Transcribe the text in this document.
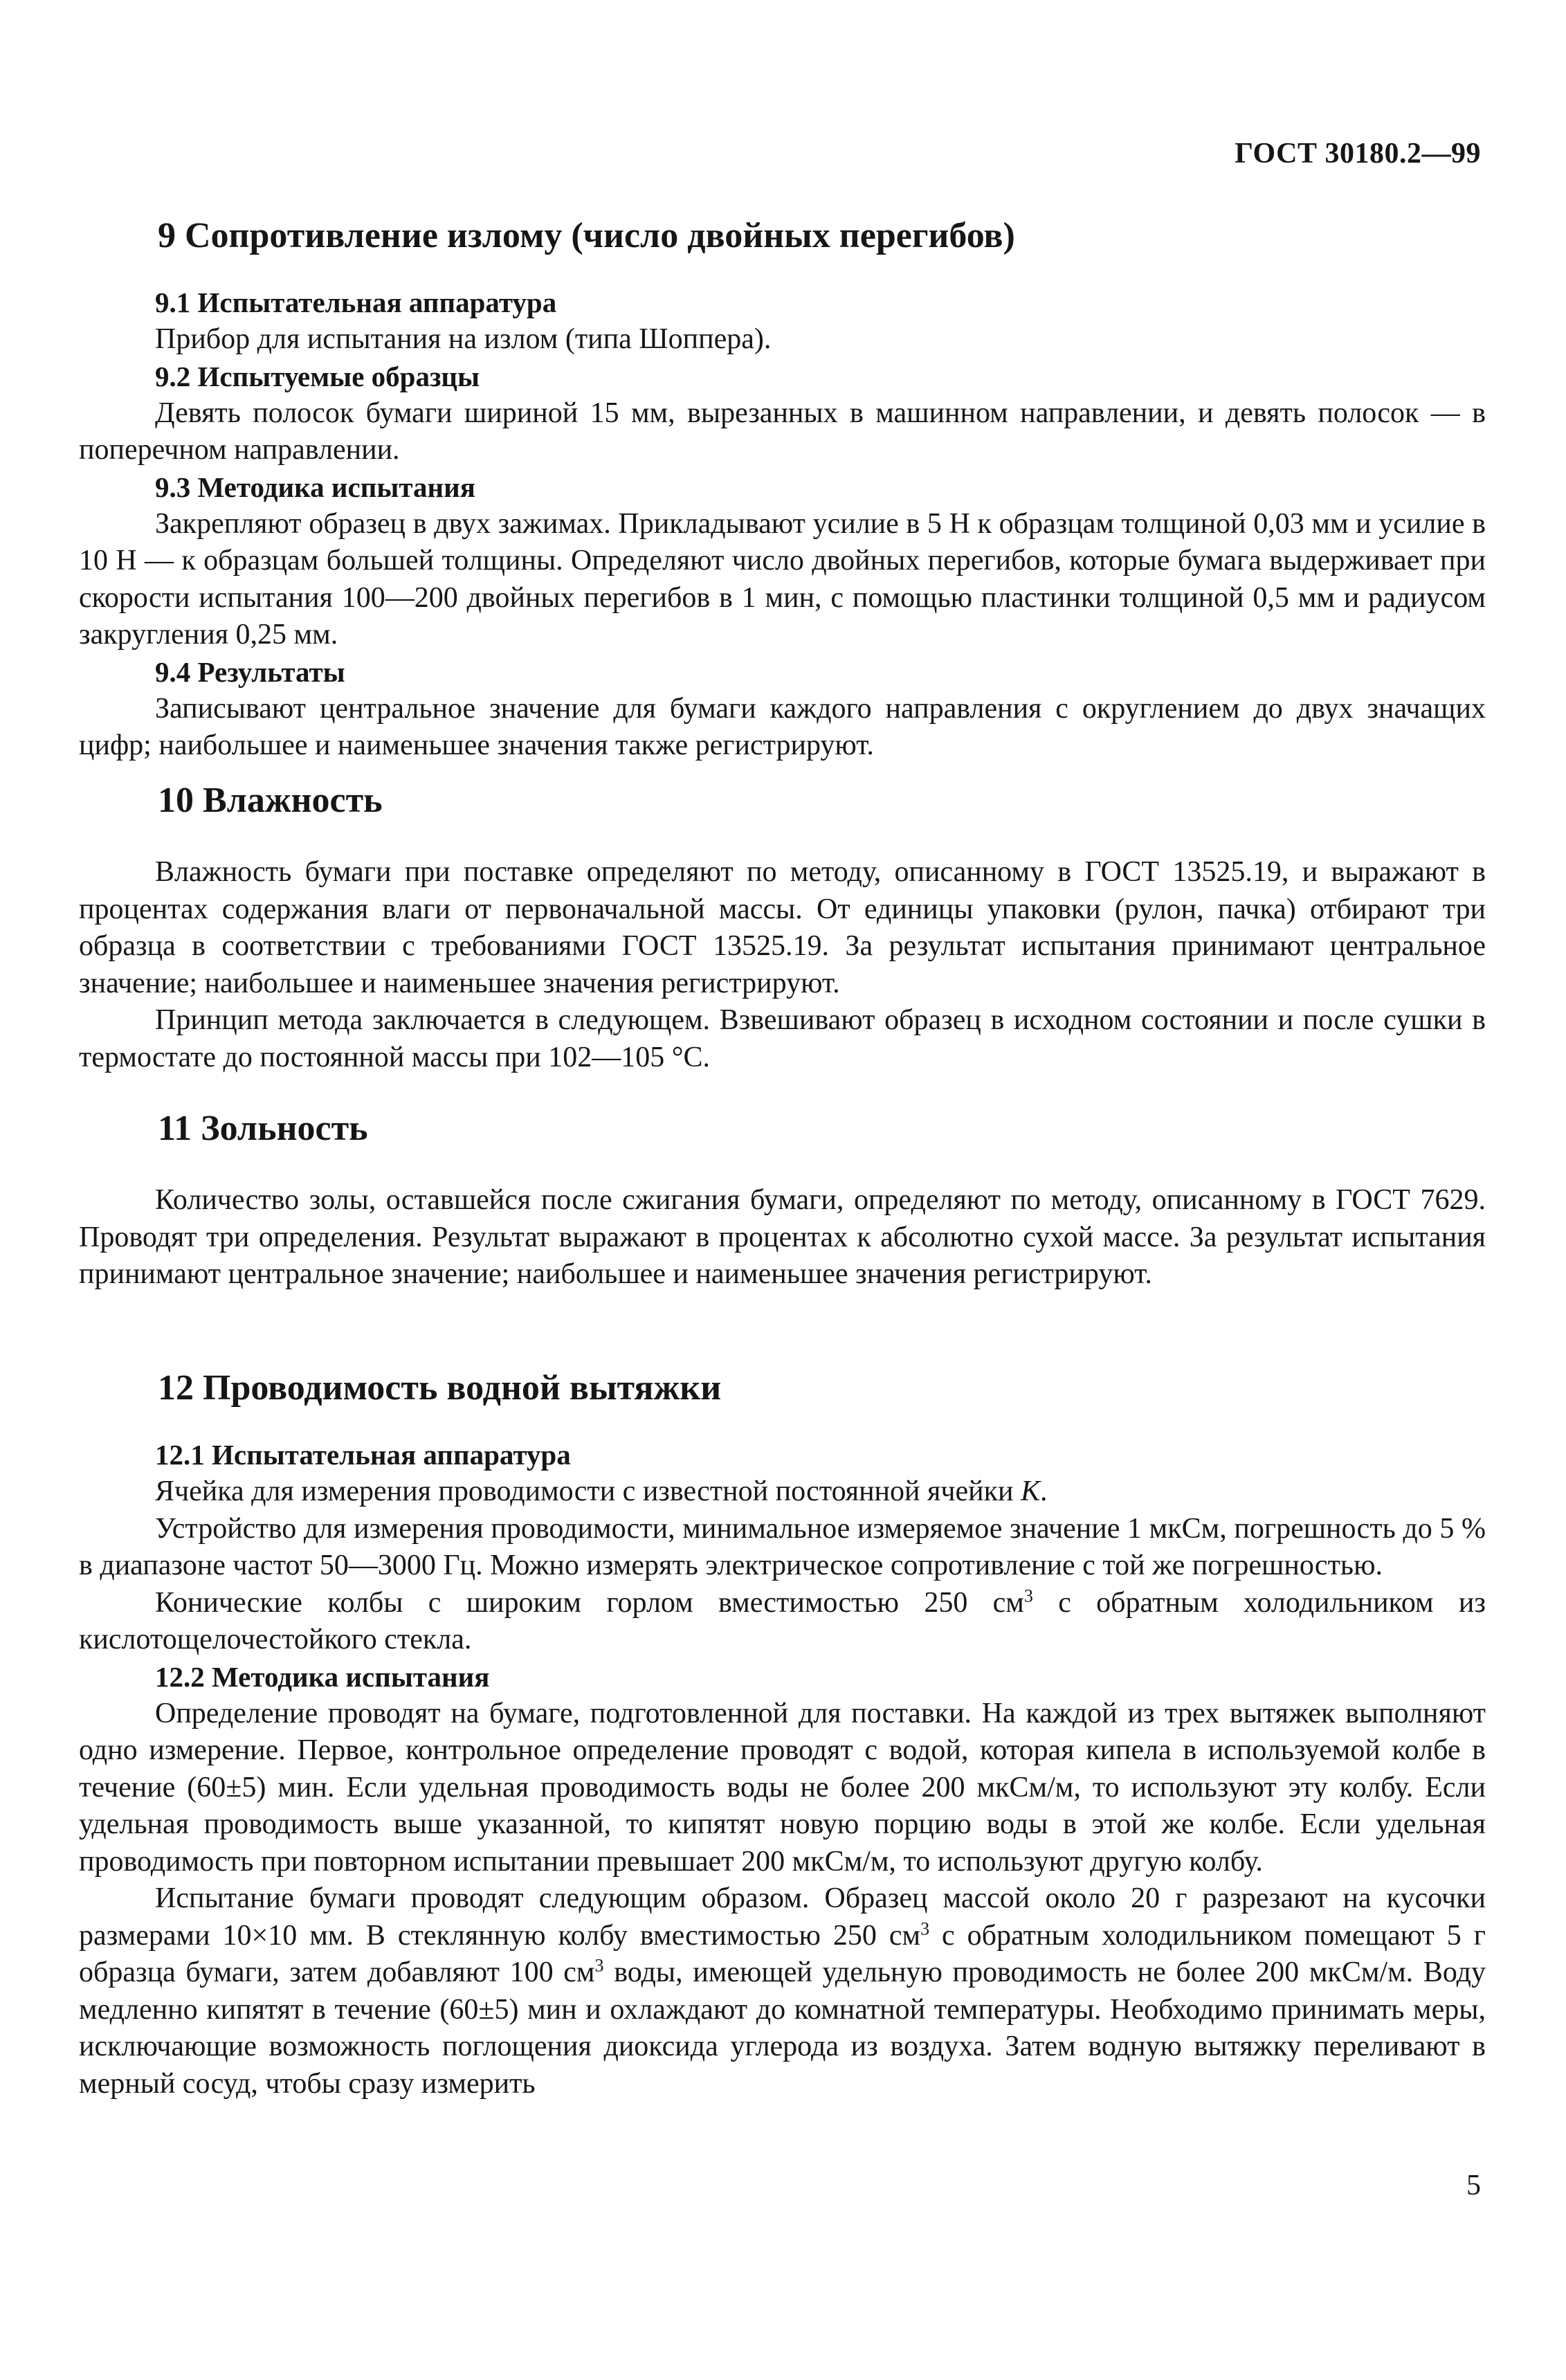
ГОСТ 30180.2—99
9 Сопротивление излому (число двойных перегибов)
9.1 Испытательная аппаратура

Прибор для испытания на излом (типа Шоппера).

9.2 Испытуемые образцы

Девять полосок бумаги шириной 15 мм, вырезанных в машинном направлении, и девять полосок — в поперечном направлении.

9.3 Методика испытания

Закрепляют образец в двух зажимах. Прикладывают усилие в 5 Н к образцам толщиной 0,03 мм и усилие в 10 Н — к образцам большей толщины. Определяют число двойных перегибов, которые бумага выдерживает при скорости испытания 100—200 двойных перегибов в 1 мин, с помощью пластинки толщиной 0,5 мм и радиусом закругления 0,25 мм.

9.4 Результаты

Записывают центральное значение для бумаги каждого направления с округлением до двух значащих цифр; наибольшее и наименьшее значения также регистрируют.

10 Влажность

Влажность бумаги при поставке определяют по методу, описанному в ГОСТ 13525.19, и выражают в процентах содержания влаги от первоначальной массы. От единицы упаковки (рулон, пачка) отбирают три образца в соответствии с требованиями ГОСТ 13525.19. За результат испытания принимают центральное значение; наибольшее и наименьшее значения регистрируют.

Принцип метода заключается в следующем. Взвешивают образец в исходном состоянии и после сушки в термостате до постоянной массы при 102—105 °С.

11 Зольность

Количество золы, оставшейся после сжигания бумаги, определяют по методу, описанному в ГОСТ 7629. Проводят три определения. Результат выражают в процентах к абсолютно сухой массе. За результат испытания принимают центральное значение; наибольшее и наименьшее значения регистрируют.

12 Проводимость водной вытяжки
12.1 Испытательная аппаратура

Ячейка для измерения проводимости с известной постоянной ячейки K.

Устройство для измерения проводимости, минимальное измеряемое значение 1 мкСм, погрешность до 5 % в диапазоне частот 50—3000 Гц. Можно измерять электрическое сопротивление с той же погрешностью.

Конические колбы с широким горлом вместимостью 250 $см^3$ с обратным холодильником из кислотощелочестойкого стекла.

12.2 Методика испытания

Определение проводят на бумаге, подготовленной для поставки. На каждой из трех вытяжек выполняют одно измерение. Первое, контрольное определение проводят с водой, которая кипела в используемой колбе в течение (60±5) мин. Если удельная проводимость воды не более 200 мкСм/м, то используют эту колбу. Если удельная проводимость выше указанной, то кипятят новую порцию воды в этой же колбе. Если удельная проводимость при повторном испытании превышает 200 мкСм/м, то используют другую колбу.

Испытание бумаги проводят следующим образом. Образец массой около 20 г разрезают на кусочки размерами 10×10 мм. В стеклянную колбу вместимостью 250 $см^3$ с обратным холодильником помещают 5 г образца бумаги, затем добавляют 100 $см^3$ воды, имеющей удельную проводимость не более 200 мкСм/м. Воду медленно кипятят в течение (60±5) мин и охлаждают до комнатной температуры. Необходимо принимать меры, исключающие возможность поглощения диоксида углерода из воздуха. Затем водную вытяжку переливают в мерный сосуд, чтобы сразу измерить

5
